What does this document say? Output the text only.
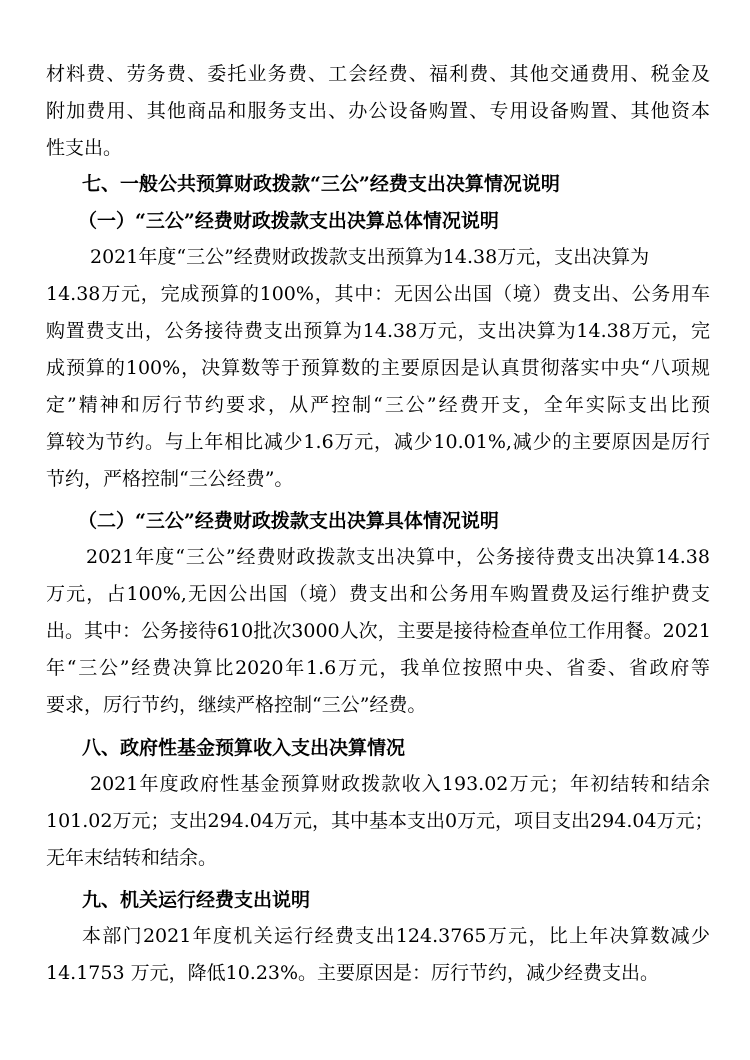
材料费、劳务费、委托业务费、工会经费、福利费、其他交通费用、税金及
附加费用、其他商品和服务支出、办公设备购置、专用设备购置、其他资本
性支出。
七、一般公共预算财政拨款“三公”经费支出决算情况说明
（一）“三公”经费财政拨款支出决算总体情况说明
2021年度“三公”经费财政拨款支出预算为14.38万元，支出决算为
14.38万元，完成预算的100%，其中：无因公出国（境）费支出、公务用车
购置费支出，公务接待费支出预算为14.38万元，支出决算为14.38万元，完
成预算的100%，决算数等于预算数的主要原因是认真贯彻落实中央“八项规
定”精神和厉行节约要求，从严控制“三公”经费开支，全年实际支出比预
算较为节约。与上年相比减少1.6万元，减少10.01%,减少的主要原因是厉行
节约，严格控制“三公经费”。
（二）“三公”经费财政拨款支出决算具体情况说明
2021年度“三公”经费财政拨款支出决算中，公务接待费支出决算14.38
万元，占100%,无因公出国（境）费支出和公务用车购置费及运行维护费支
出。其中：公务接待610批次3000人次，主要是接待检查单位工作用餐。2021
年“三公”经费决算比2020年1.6万元，我单位按照中央、省委、省政府等
要求，厉行节约，继续严格控制“三公”经费。
八、政府性基金预算收入支出决算情况
2021年度政府性基金预算财政拨款收入193.02万元；年初结转和结余
101.02万元；支出294.04万元，其中基本支出0万元，项目支出294.04万元；
无年末结转和结余。
九、机关运行经费支出说明
本部门2021年度机关运行经费支出124.3765万元，比上年决算数减少
14.1753 万元，降低10.23%。主要原因是：厉行节约，减少经费支出。
